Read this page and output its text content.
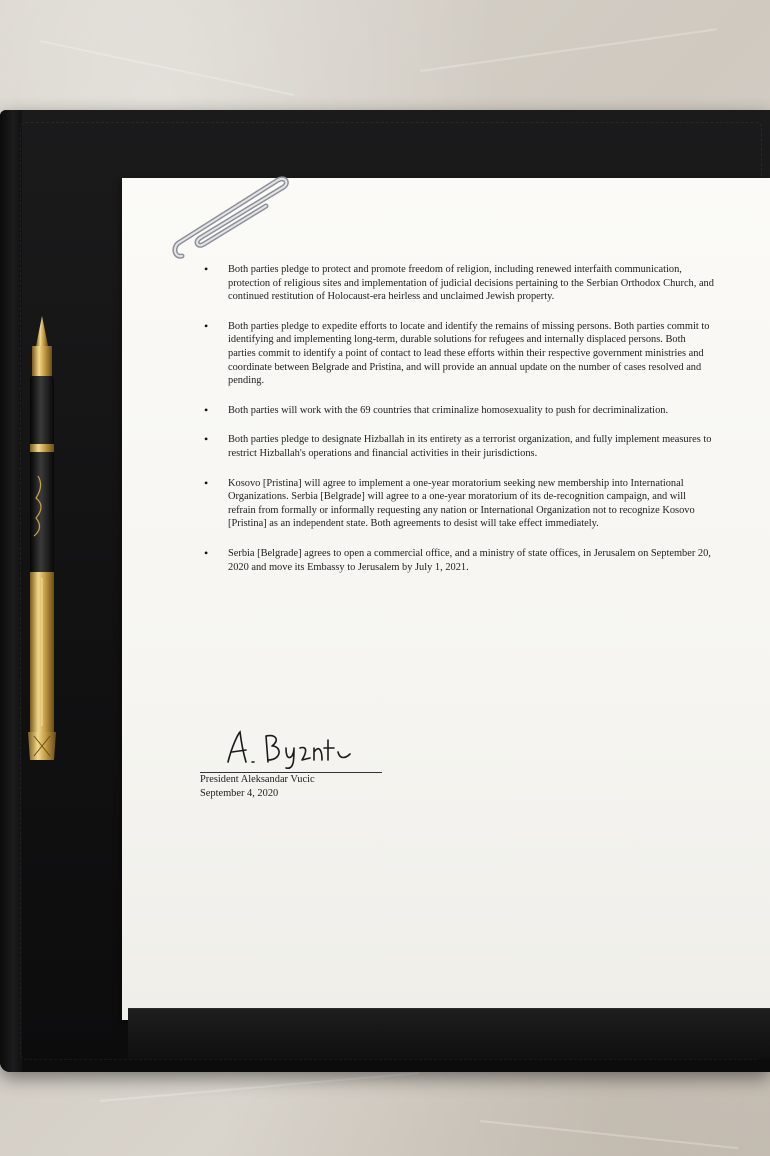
• Both parties pledge to protect and promote freedom of religion, including renewed interfaith communication, protection of religious sites and implementation of judicial decisions pertaining to the Serbian Orthodox Church, and continued restitution of Holocaust-era heirless and unclaimed Jewish property.
• Both parties pledge to expedite efforts to locate and identify the remains of missing persons. Both parties commit to identifying and implementing long-term, durable solutions for refugees and internally displaced persons. Both parties commit to identify a point of contact to lead these efforts within their respective government ministries and coordinate between Belgrade and Pristina, and will provide an annual update on the number of cases resolved and pending.
• Both parties will work with the 69 countries that criminalize homosexuality to push for decriminalization.
• Both parties pledge to designate Hizballah in its entirety as a terrorist organization, and fully implement measures to restrict Hizballah's operations and financial activities in their jurisdictions.
• Kosovo [Pristina] will agree to implement a one-year moratorium seeking new membership into International Organizations. Serbia [Belgrade] will agree to a one-year moratorium of its de-recognition campaign, and will refrain from formally or informally requesting any nation or International Organization not to recognize Kosovo [Pristina] as an independent state. Both agreements to desist will take effect immediately.
• Serbia [Belgrade] agrees to open a commercial office, and a ministry of state offices, in Jerusalem on September 20, 2020 and move its Embassy to Jerusalem by July 1, 2021.
President Aleksandar Vucic
September 4, 2020
